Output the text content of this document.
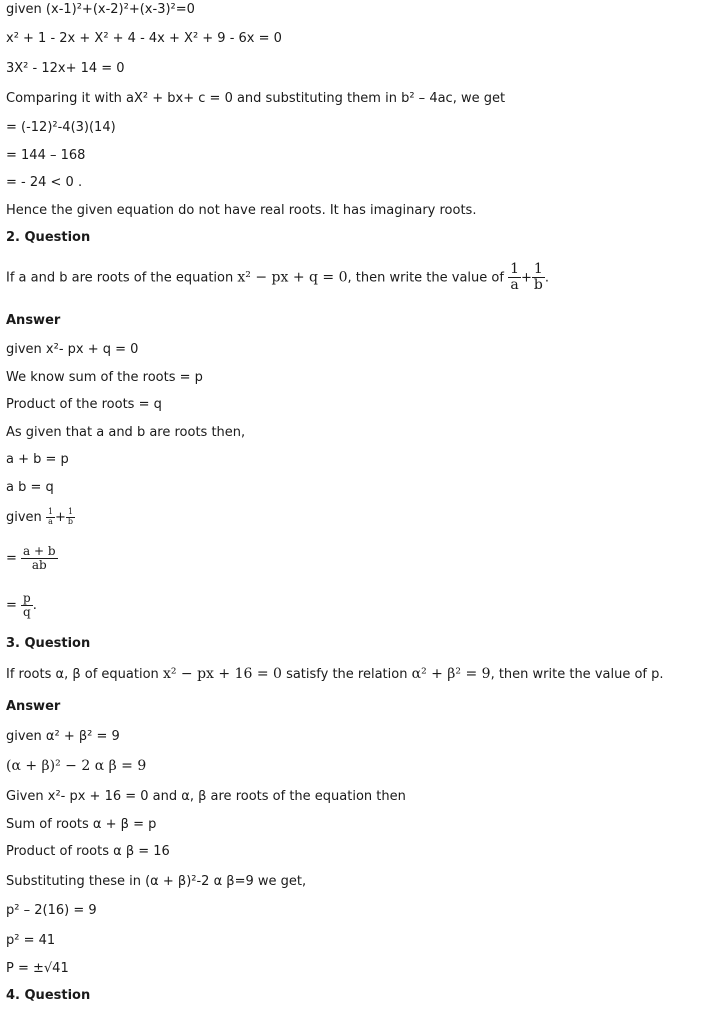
given (x-1)²+(x-2)²+(x-3)²=0
x² + 1 - 2x + X² + 4 - 4x + X² + 9 - 6x = 0
3X² - 12x+ 14 = 0
Comparing it with aX² + bx+ c = 0 and substituting them in b² – 4ac, we get
= (-12)²-4(3)(14)
= 144 – 168
= - 24 < 0 .
Hence the given equation do not have real roots. It has imaginary roots.
2. Question
If a and b are roots of the equation x² − px + q = 0, then write the value of $\frac{1}{a} + \frac{1}{b}$ .
Answer
given x²- px + q = 0
We know sum of the roots = p
Product of the roots = q
As given that a and b are roots then,
a + b = p
a b = q
given $\frac{1}{a} + \frac{1}{b}$
= $\frac{a + b}{ab}$
= $\frac{p}{q}$ .
3. Question
If roots α, β of equation x² − px + 16 = 0 satisfy the relation α² + β² = 9, then write the value of p.
Answer
given α² + β² = 9
(α + β)² − 2 α β = 9
Given x²- px + 16 = 0 and α, β are roots of the equation then
Sum of roots α + β = p
Product of roots α β = 16
Substituting these in (α + β)²-2 α β=9 we get,
p² – 2(16) = 9
p² = 41
P = ±√41
4. Question
